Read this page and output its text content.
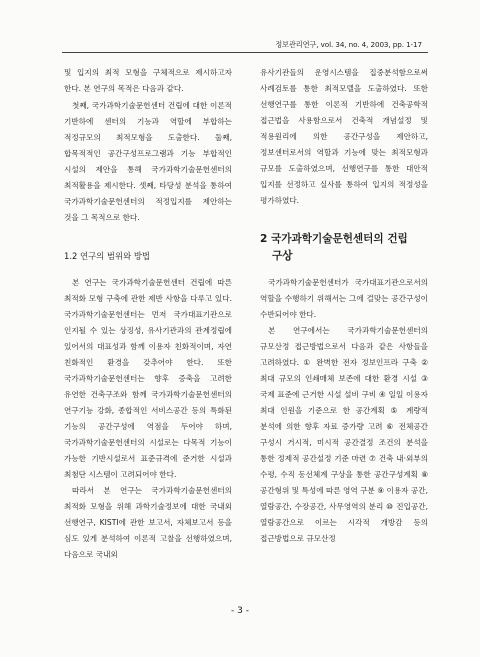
정보관리연구, vol. 34, no. 4, 2003, pp. 1-17

및 입지의 최적 모형을 구체적으로 제시하고자 한다. 본 연구의 목적은 다음과 같다.

첫째, 국가과학기술문헌센터 건립에 대한 이론적 기반하에 센터의 기능과 역할에 부합하는 적정규모의 최적모형을 도출한다. 둘째, 합목적적인 공간구성프로그램과 기능 부합적인 시설의 제안을 통해 국가과학기술문헌센터의 최적활용을 제시한다. 셋째, 타당성 분석을 통하여 국가과학기술문헌센터의 적정입지를 제안하는 것을 그 목적으로 한다.

1.2 연구의 범위와 방법

본 연구는 국가과학기술문헌센터 건립에 따른 최적화 모형 구축에 관한 제반 사항을 다루고 있다. 국가과학기술문헌센터는 먼저 국가대표기관으로 인지될 수 있는 상징성, 유사기관과의 관계정립에 있어서의 대표성과 함께 이용자 친화적이며, 자연 친화적인 환경을 갖추어야 한다. 또한 국가과학기술문헌센터는 향후 증축을 고려한 유연한 건축구조와 함께 국가과학기술문헌센터의 연구기능 강화, 종합적인 서비스공간 등의 특화된 기능의 공간구성에 역점을 두어야 하며, 국가과학기술문헌센터의 시설로는 다목적 기능이 가능한 기반시설로서 표준규격에 준거한 시설과 최첨단 시스템이 고려되어야 한다.

따라서 본 연구는 국가과학기술문헌센터의 최적화 모형을 위해 과학기술정보에 대한 국내외 선행연구, KISTI에 관한 보고서, 자체보고서 등을 심도 있게 분석하여 이론적 고찰을 선행하였으며, 다음으로 국내외

유사기관들의 운영시스템을 집중분석함으로써 사례검토를 통한 최적모델을 도출하였다. 또한 선행연구를 통한 이론적 기반하에 건축공학적 접근법을 사용함으로서 건축적 개념설정 및 적용원리에 의한 공간구성을 제안하고, 정보센터로서의 역할과 기능에 맞는 최적모형과 규모를 도출하였으며, 선행연구를 통한 대안적 입지를 선정하고 실사를 통하여 입지의 적정성을 평가하였다.

2 국가과학기술문헌센터의 건립
구상

국가과학기술문헌센터가 국가대표기관으로서의 역할을 수행하기 위해서는 그에 걸맞는 공간구성이 수반되어야 한다.

본 연구에서는 국가과학기술문헌센터의 규모산정 접근방법으로서 다음과 같은 사항들을 고려하였다. ① 완벽한 전자 정보인프라 구축 ② 최대 규모의 인쇄매체 보존에 대한 환경 시설 ③ 국제 표준에 근거한 시설 설비 구비 ④ 일일 이용자 최대 인원을 기준으로 한 공간계획 ⑤ 계량적 분석에 의한 향후 자료 증가량 고려 ⑥ 전체공간 구성시 거시적, 미시적 공간결정 조건의 분석을 통한 정제적 공간설정 기준 마련 ⑦ 건축 내·외부의 수평, 수직 동선체계 구상을 통한 공간구성계획 ⑧ 공간형위 및 특성에 따른 영역 구분 ⑨ 이용자 공간, 열람공간, 수장공간, 사무영역의 분리 ⑩ 진입공간, 열람공간으로 이르는 시각적 개방감 등의 접근방법으로 규모산정

- 3 -
